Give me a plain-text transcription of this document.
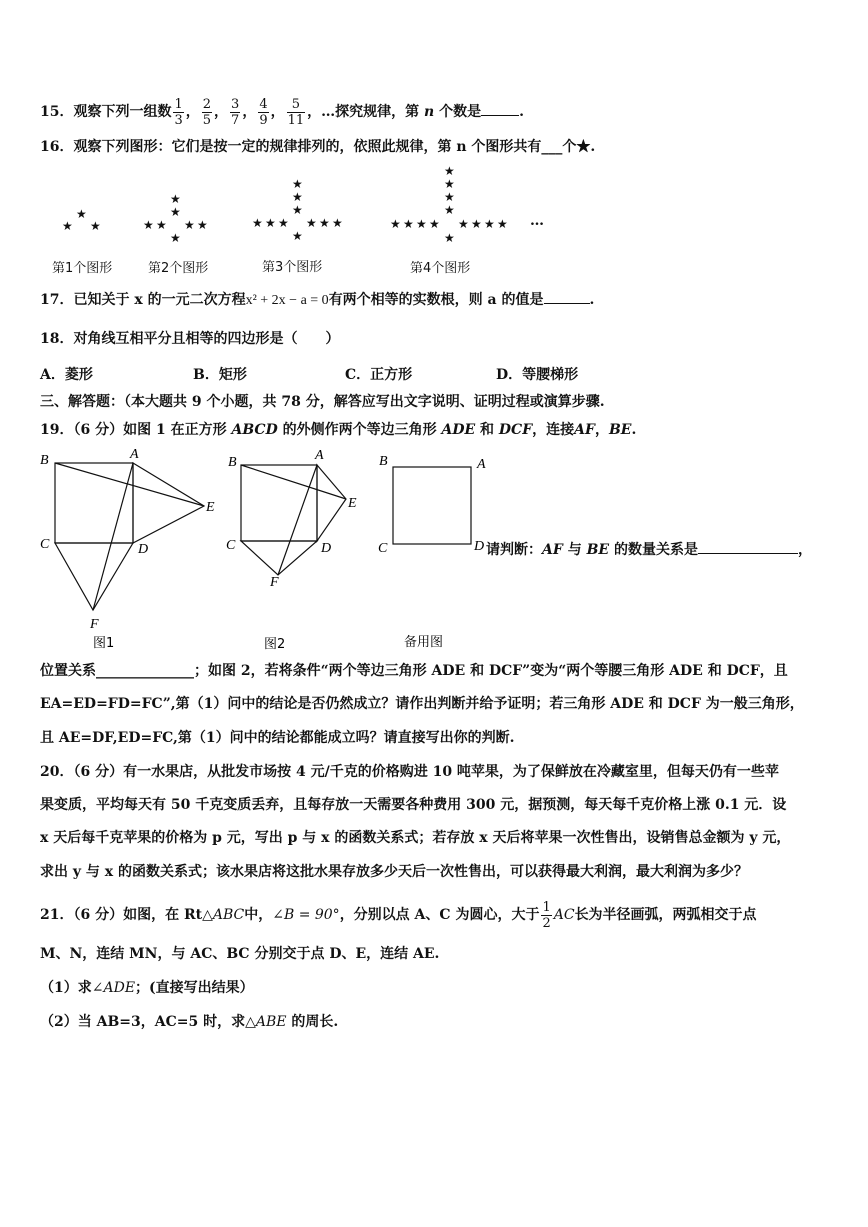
15．观察下列一组数 $\frac{1}{3}$ ， $\frac{2}{5}$ ， $\frac{3}{7}$ ， $\frac{4}{9}$ ， $\frac{5}{11}$ ，…探究规律，第 n 个数是	.
16．观察下列图形：它们是按一定的规律排列的，依照此规律，第 n 个图形共有___个★.
★
★ ★
★
★
★ ★ ★ ★
★
★
★
★
★ ★ ★ ★ ★ ★
★
★
★
★
★
★ ★ ★ ★ ★ ★ ★ ★
★
…
第1个图形	第2个图形	第3个图形	第4个图形
17．已知关于 x 的一元二次方程x² + 2x − a = 0有两个相等的实数根，则 a 的值是	.
18．对角线互相平分且相等的四边形是（　　）
A．菱形	B．矩形	C．正方形	D．等腰梯形
三、解答题：（本大题共 9 个小题，共 78 分，解答应写出文字说明、证明过程或演算步骤.
19．（6 分）如图 1 在正方形 ABCD 的外侧作两个等边三角形 ADE 和 DCF，连接AF，BE.
B	A
E
C	D
F
B	A
E
C	D
F
B	A
C	D
图1	图2	备用图
请判断：AF 与 BE 的数量关系是	，
位置关系______________；如图 2，若将条件“两个等边三角形 ADE 和 DCF”变为“两个等腰三角形 ADE 和 DCF，且
EA=ED=FD=FC”,第（1）问中的结论是否仍然成立？请作出判断并给予证明；若三角形 ADE 和 DCF 为一般三角形，
且 AE=DF,ED=FC,第（1）问中的结论都能成立吗？请直接写出你的判断.
20．（6 分）有一水果店，从批发市场按 4 元/千克的价格购进 10 吨苹果，为了保鲜放在冷藏室里，但每天仍有一些苹
果变质，平均每天有 50 千克变质丢弃，且每存放一天需要各种费用 300 元，据预测，每天每千克价格上涨 0.1 元．设
x 天后每千克苹果的价格为 p 元，写出 p 与 x 的函数关系式；若存放 x 天后将苹果一次性售出，设销售总金额为 y 元，
求出 y 与 x 的函数关系式；该水果店将这批水果存放多少天后一次性售出，可以获得最大利润，最大利润为多少？
21．（6 分）如图，在 Rt△ABC中，∠B = 90°，分别以点 A、C 为圆心，大于 $\frac{1}{2}$ AC长为半径画弧，两弧相交于点
M、N，连结 MN，与 AC、BC 分别交于点 D、E，连结 AE.
（1）求∠ADE；(直接写出结果）
（2）当 AB=3，AC=5 时，求△ABE 的周长.
